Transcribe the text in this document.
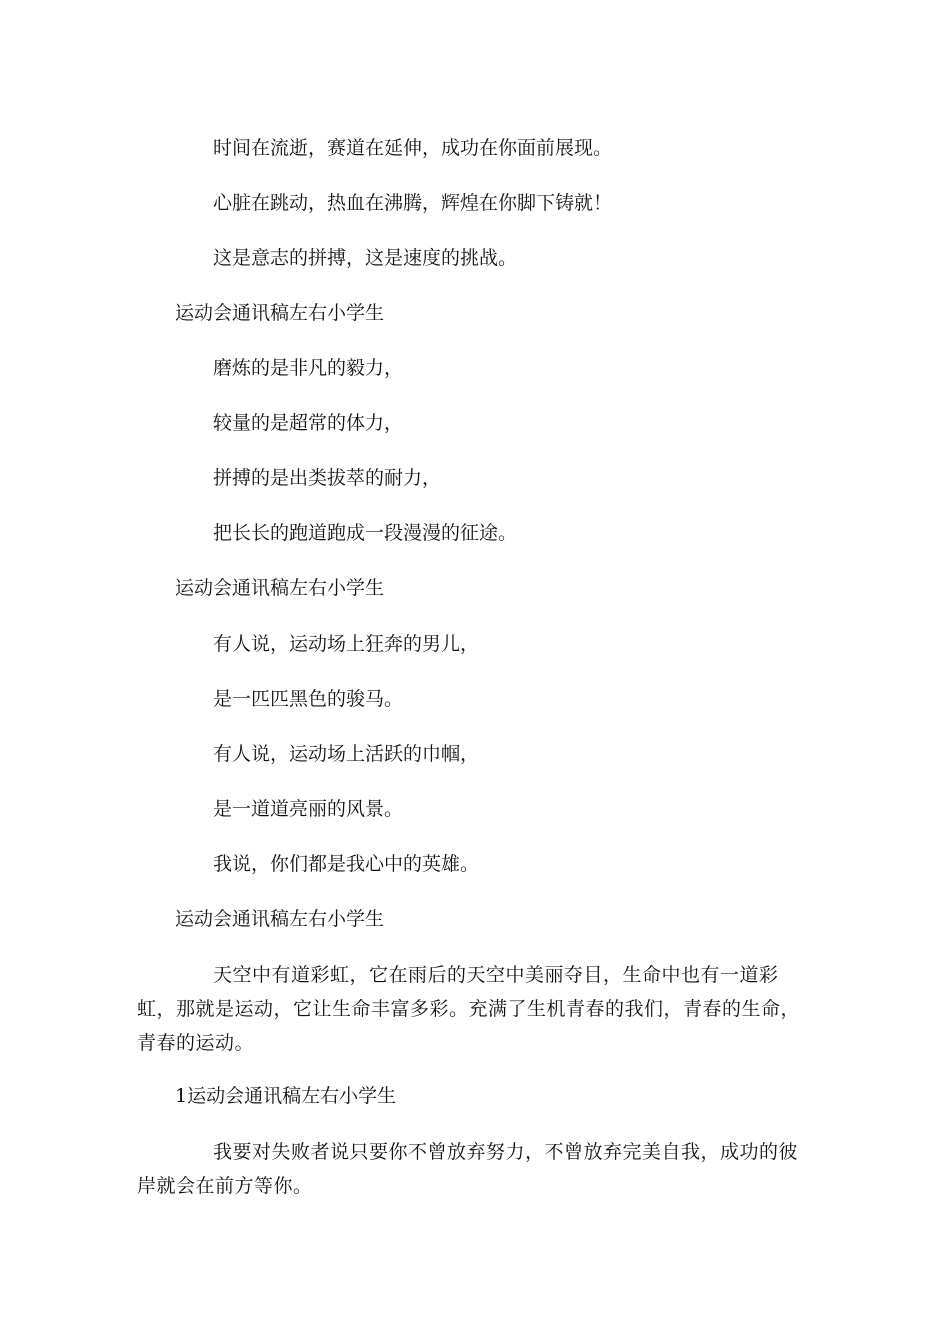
时间在流逝，赛道在延伸，成功在你面前展现。
心脏在跳动，热血在沸腾，辉煌在你脚下铸就！
这是意志的拼搏，这是速度的挑战。
运动会通讯稿左右小学生
磨炼的是非凡的毅力，
较量的是超常的体力，
拼搏的是出类拔萃的耐力，
把长长的跑道跑成一段漫漫的征途。
运动会通讯稿左右小学生
有人说，运动场上狂奔的男儿，
是一匹匹黑色的骏马。
有人说，运动场上活跃的巾帼，
是一道道亮丽的风景。
我说，你们都是我心中的英雄。
运动会通讯稿左右小学生
天空中有道彩虹，它在雨后的天空中美丽夺目，生命中也有一道彩虹，那就是运动，它让生命丰富多彩。充满了生机青春的我们，青春的生命，青春的运动。
1运动会通讯稿左右小学生
我要对失败者说只要你不曾放弃努力，不曾放弃完美自我，成功的彼岸就会在前方等你。
